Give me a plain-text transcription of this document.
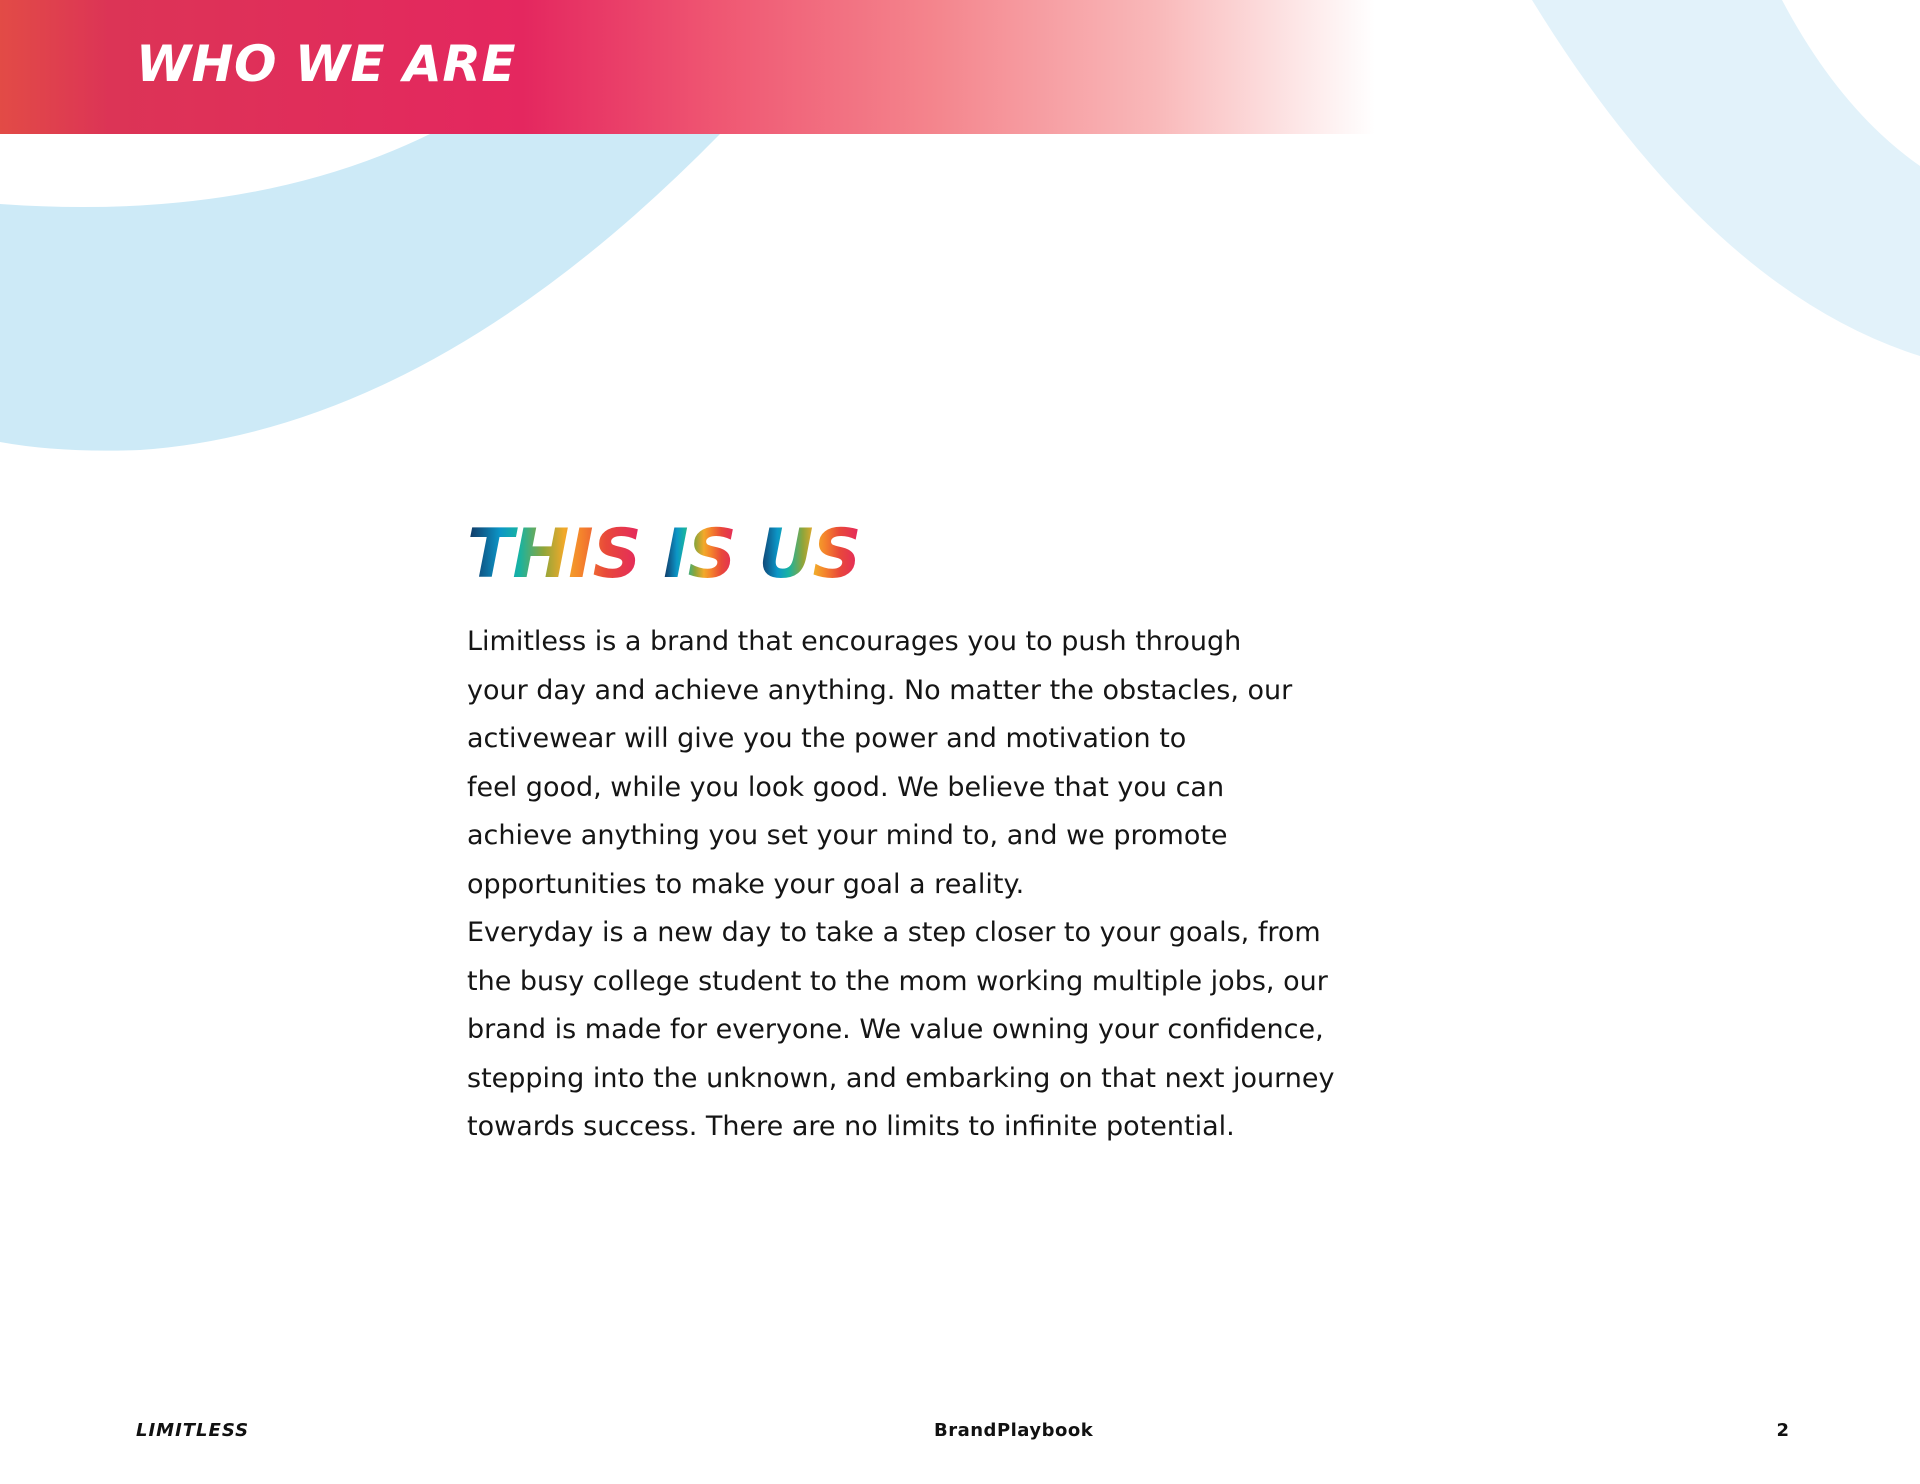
WHO WE ARE
THIS IS US

Limitless is a brand that encourages you to push through
your day and achieve anything. No matter the obstacles, our
activewear will give you the power and motivation to
feel good, while you look good. We believe that you can
achieve anything you set your mind to, and we promote
opportunities to make your goal a reality.
Everyday is a new day to take a step closer to your goals, from
the busy college student to the mom working multiple jobs, our
brand is made for everyone. We value owning your confidence,
stepping into the unknown, and embarking on that next journey
towards success. There are no limits to infinite potential.

LIMITLESS	BrandPlaybook	2
